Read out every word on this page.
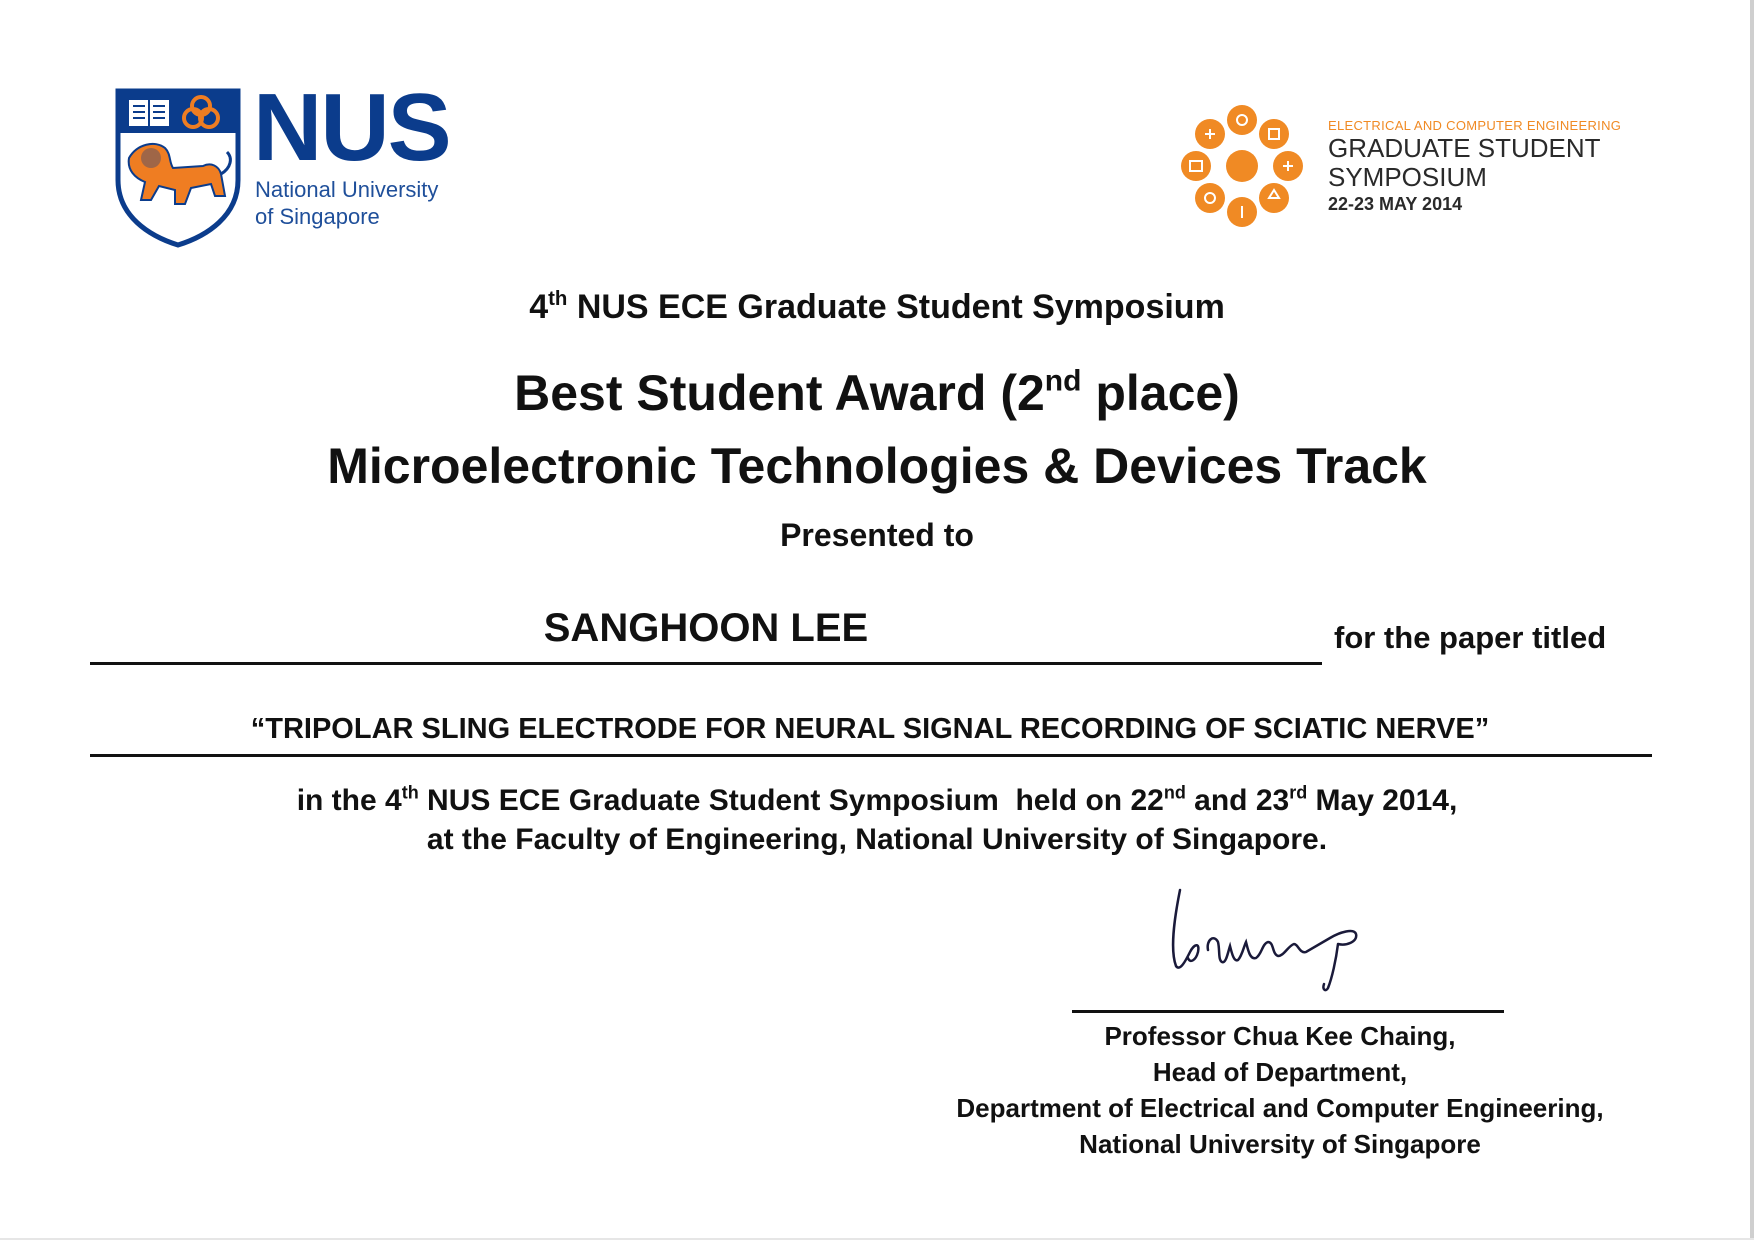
NUS
National University
of Singapore
ELECTRICAL AND COMPUTER ENGINEERING
GRADUATE STUDENT
SYMPOSIUM
22-23 MAY 2014
4th NUS ECE Graduate Student Symposium
Best Student Award (2nd place)
Microelectronic Technologies & Devices Track
Presented to
SANGHOON LEE	for the paper titled
“TRIPOLAR SLING ELECTRODE FOR NEURAL SIGNAL RECORDING OF SCIATIC NERVE”
in the 4th NUS ECE Graduate Student Symposium  held on 22nd and 23rd May 2014,
at the Faculty of Engineering, National University of Singapore.
Professor Chua Kee Chaing,
Head of Department,
Department of Electrical and Computer Engineering,
National University of Singapore
